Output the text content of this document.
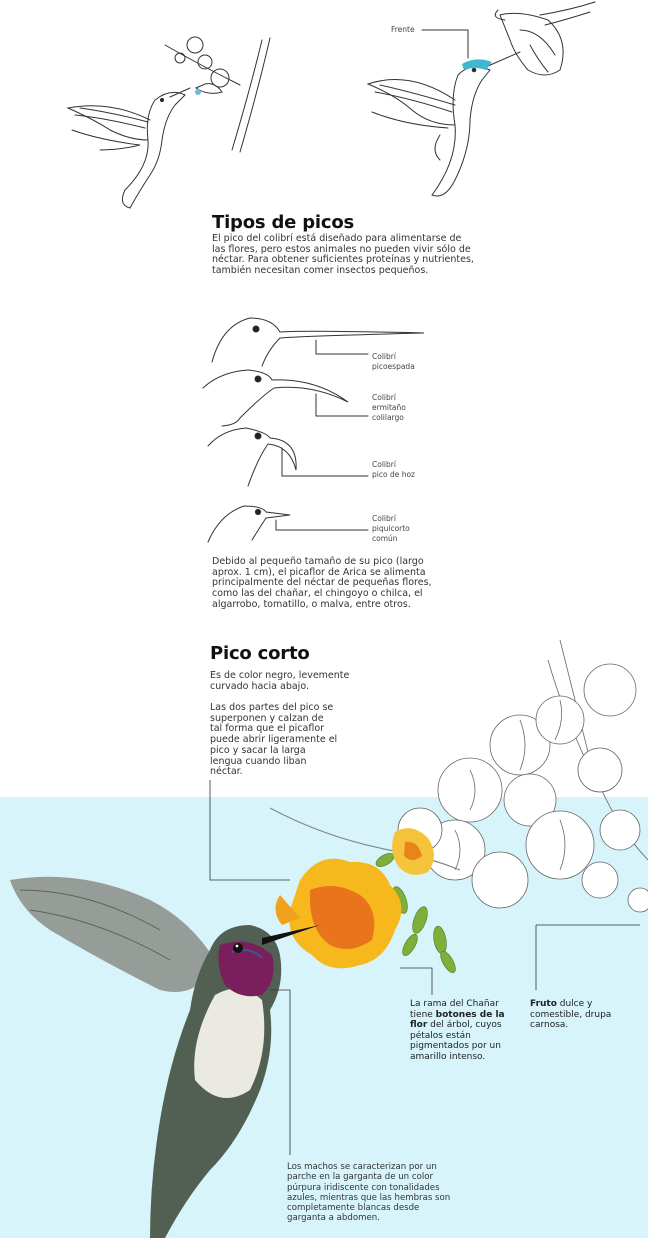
Frente
Tipos de picos
El pico del colibrí está diseñado para alimentarse de las flores, pero estos animales no pueden vivir sólo de néctar. Para obtener suficientes proteínas y nutrientes, también necesitan comer insectos pequeños.
Colibrí
picoespada
Colibrí
ermitaño
colilargo
Colibrí
pico de hoz
Colibrí
piquicorto
común
Debido al pequeño tamaño de su pico (largo aprox. 1 cm), el picaflor de Arica se alimenta principalmente del néctar de pequeñas flores, como las del chañar, el chingoyo o chilca, el algarrobo, tomatillo, o malva, entre otros.
Pico corto
Es de color negro, levemente curvado hacia abajo.
Las dos partes del pico se superponen y calzan de tal forma que el picaflor puede abrir ligeramente el pico y sacar la larga lengua cuando liban néctar.
La rama del Chañar tiene botones de la flor del árbol, cuyos pétalos están pigmentados por un amarillo intenso.
Fruto dulce y comestible, drupa carnosa.
Los machos se caracterizan por un parche en la garganta de un color púrpura iridiscente con tonalidades azules, mientras que las hembras son completamente blancas desde garganta a abdomen.
